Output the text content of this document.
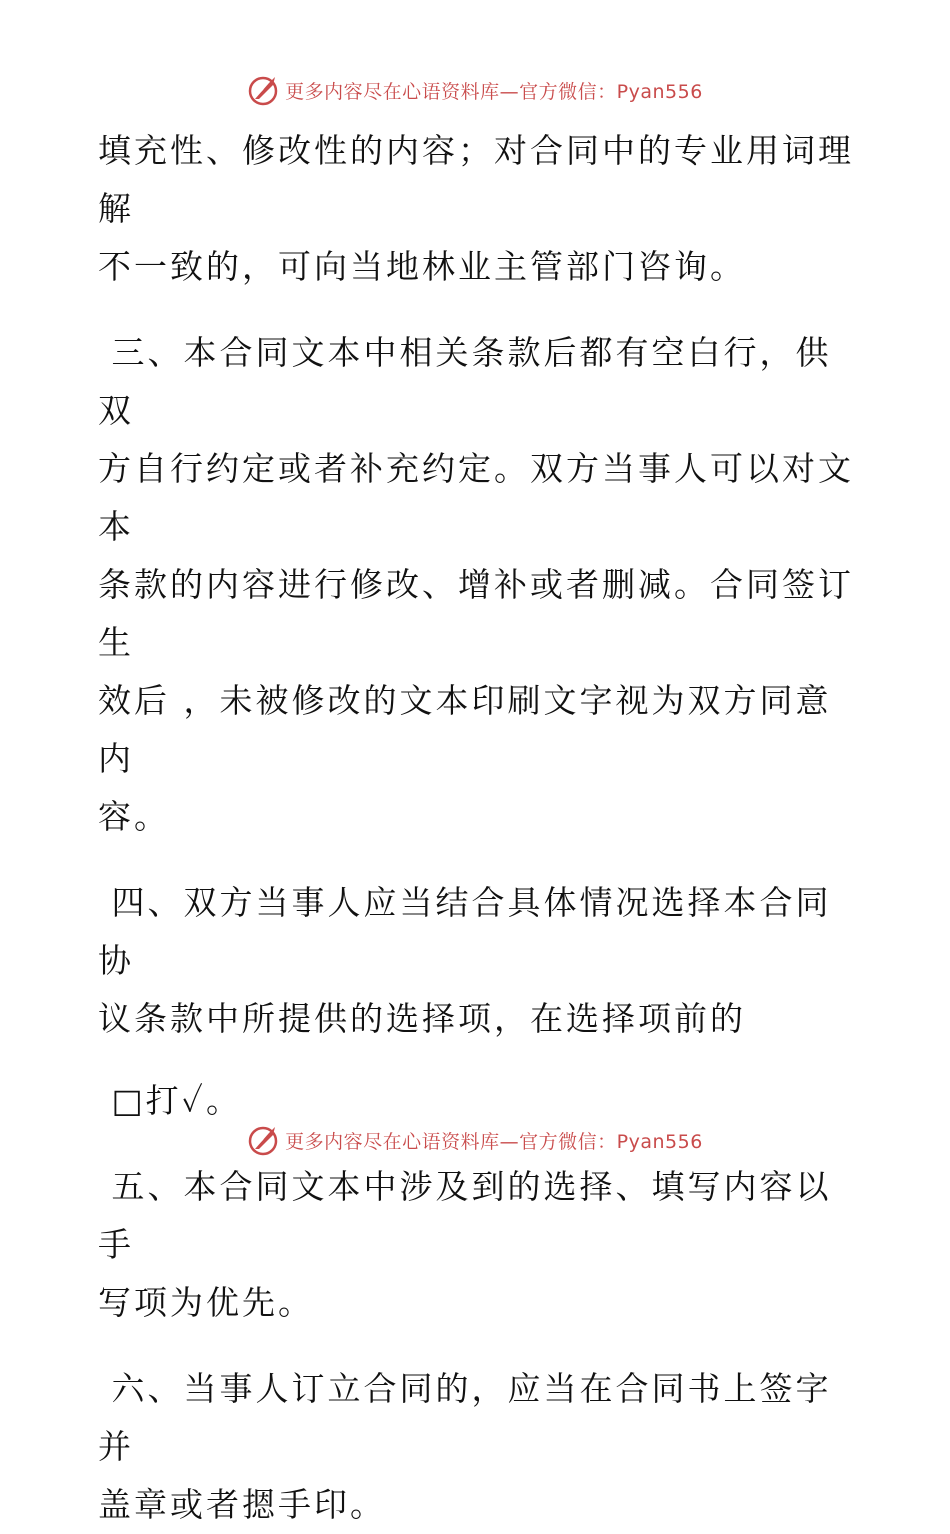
更多内容尽在心语资料库—官方微信：Pyan556

填充性、修改性的内容；对合同中的专业用词理解

不一致的，可向当地林业主管部门咨询。

三、本合同文本中相关条款后都有空白行，供双

方自行约定或者补充约定。双方当事人可以对文本

条款的内容进行修改、增补或者删减。合同签订生

效后 ，未被修改的文本印刷文字视为双方同意内

容。

四、双方当事人应当结合具体情况选择本合同协

议条款中所提供的选择项，在选择项前的

□打✓。

五、本合同文本中涉及到的选择、填写内容以手

写项为优先。

六、当事人订立合同的，应当在合同书上签字并

盖章或者摁手印。

更多内容尽在心语资料库—官方微信：Pyan556
